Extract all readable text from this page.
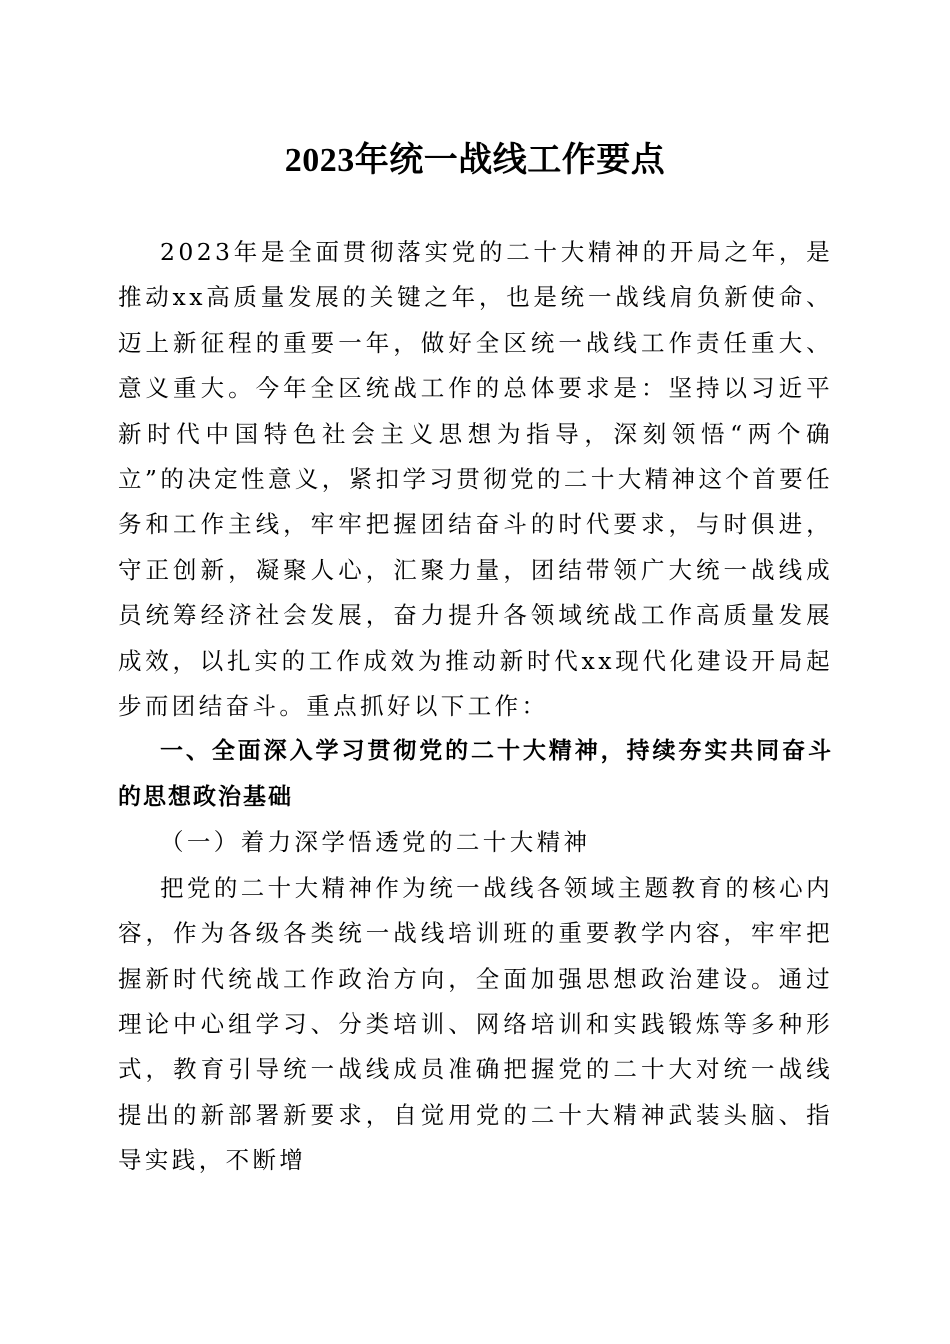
2023年统一战线工作要点

2023年是全面贯彻落实党的二十大精神的开局之年，是推动xx高质量发展的关键之年，也是统一战线肩负新使命、迈上新征程的重要一年，做好全区统一战线工作责任重大、意义重大。今年全区统战工作的总体要求是：坚持以习近平新时代中国特色社会主义思想为指导，深刻领悟“两个确立”的决定性意义，紧扣学习贯彻党的二十大精神这个首要任务和工作主线，牢牢把握团结奋斗的时代要求，与时俱进，守正创新，凝聚人心，汇聚力量，团结带领广大统一战线成员统筹经济社会发展，奋力提升各领域统战工作高质量发展成效，以扎实的工作成效为推动新时代xx现代化建设开局起步而团结奋斗。重点抓好以下工作：

一、全面深入学习贯彻党的二十大精神，持续夯实共同奋斗的思想政治基础

（一）着力深学悟透党的二十大精神

把党的二十大精神作为统一战线各领域主题教育的核心内容，作为各级各类统一战线培训班的重要教学内容，牢牢把握新时代统战工作政治方向，全面加强思想政治建设。通过理论中心组学习、分类培训、网络培训和实践锻炼等多种形式，教育引导统一战线成员准确把握党的二十大对统一战线提出的新部署新要求，自觉用党的二十大精神武装头脑、指导实践，不断增
